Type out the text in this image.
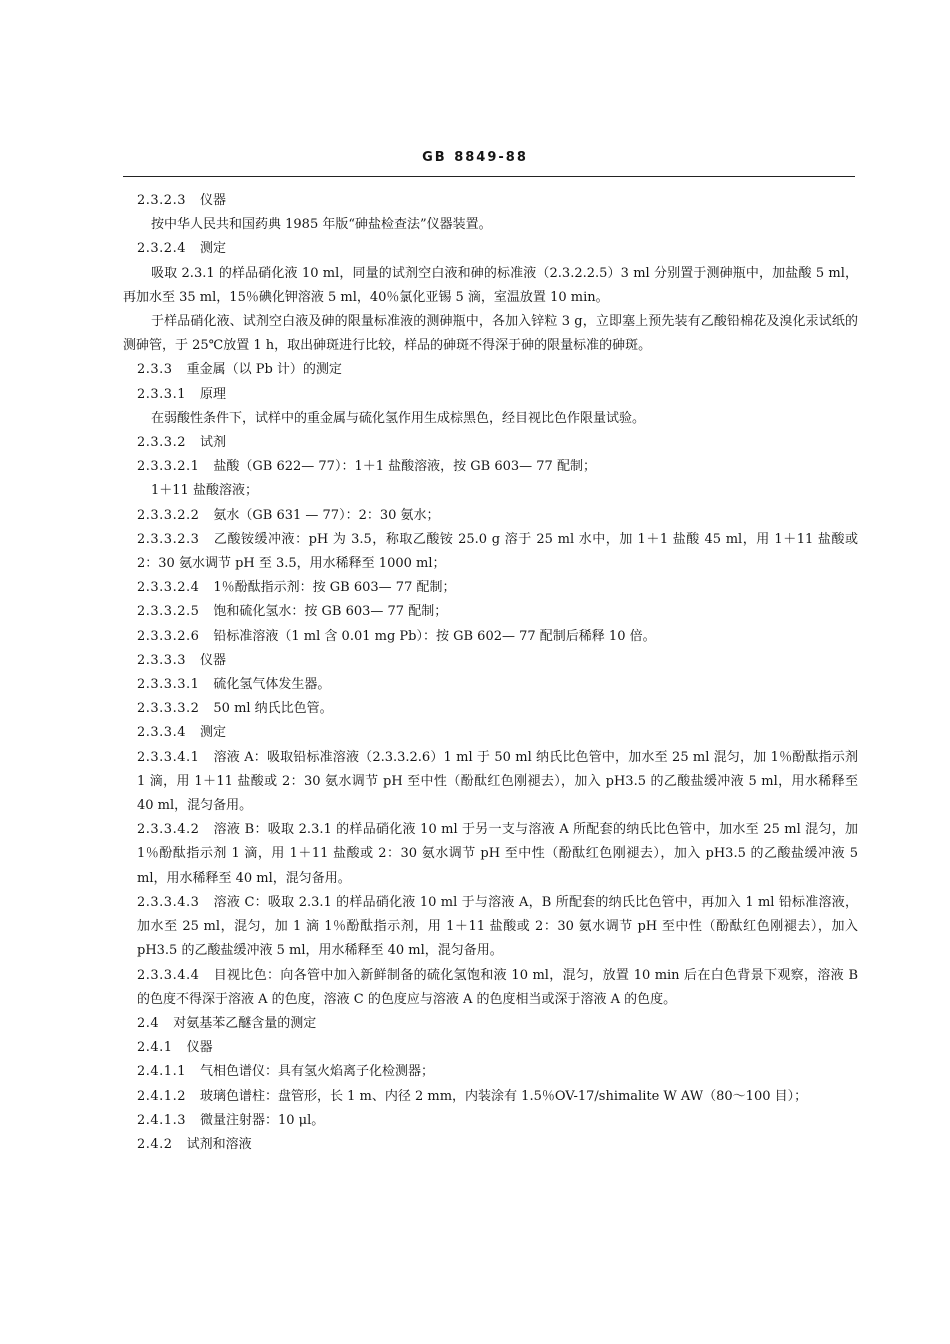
GB 8849-88

2.3.2.3 仪器

按中华人民共和国药典 1985 年版“砷盐检查法”仪器装置。

2.3.2.4 测定

吸取 2.3.1 的样品硝化液 10 ml，同量的试剂空白液和砷的标准液（2.3.2.2.5）3 ml 分别置于测砷瓶中，加盐酸 5 ml，再加水至 35 ml，15％碘化钾溶液 5 ml，40％氯化亚锡 5 滴，室温放置 10 min。

于样品硝化液、试剂空白液及砷的限量标准液的测砷瓶中，各加入锌粒 3 g，立即塞上预先装有乙酸铅棉花及溴化汞试纸的测砷管，于 25℃放置 1 h，取出砷斑进行比较，样品的砷斑不得深于砷的限量标准的砷斑。

2.3.3 重金属（以 Pb 计）的测定

2.3.3.1 原理

在弱酸性条件下，试样中的重金属与硫化氢作用生成棕黑色，经目视比色作限量试验。

2.3.3.2 试剂

2.3.3.2.1 盐酸（GB 622— 77）：1＋1 盐酸溶液，按 GB 603— 77 配制；

1＋11 盐酸溶液；

2.3.3.2.2 氨水（GB 631 — 77）：2：30 氨水；

2.3.3.2.3 乙酸铵缓冲液：pH 为 3.5，称取乙酸铵 25.0 g 溶于 25 ml 水中，加 1＋1 盐酸 45 ml，用 1＋11 盐酸或 2：30 氨水调节 pH 至 3.5，用水稀释至 1000 ml；

2.3.3.2.4 1％酚酞指示剂：按 GB 603— 77 配制；

2.3.3.2.5 饱和硫化氢水：按 GB 603— 77 配制；

2.3.3.2.6 铅标准溶液（1 ml 含 0.01 mg Pb）：按 GB 602— 77 配制后稀释 10 倍。

2.3.3.3 仪器

2.3.3.3.1 硫化氢气体发生器。

2.3.3.3.2 50 ml 纳氏比色管。

2.3.3.4 测定

2.3.3.4.1 溶液 A：吸取铅标准溶液（2.3.3.2.6）1 ml 于 50 ml 纳氏比色管中，加水至 25 ml 混匀，加 1％酚酞指示剂 1 滴，用 1＋11 盐酸或 2：30 氨水调节 pH 至中性（酚酞红色刚褪去），加入 pH3.5 的乙酸盐缓冲液 5 ml，用水稀释至 40 ml，混匀备用。

2.3.3.4.2 溶液 B：吸取 2.3.1 的样品硝化液 10 ml 于另一支与溶液 A 所配套的纳氏比色管中，加水至 25 ml 混匀，加 1％酚酞指示剂 1 滴，用 1＋11 盐酸或 2：30 氨水调节 pH 至中性（酚酞红色刚褪去），加入 pH3.5 的乙酸盐缓冲液 5 ml，用水稀释至 40 ml，混匀备用。

2.3.3.4.3 溶液 C：吸取 2.3.1 的样品硝化液 10 ml 于与溶液 A，B 所配套的纳氏比色管中，再加入 1 ml 铅标准溶液，加水至 25 ml，混匀，加 1 滴 1％酚酞指示剂，用 1＋11 盐酸或 2：30 氨水调节 pH 至中性（酚酞红色刚褪去），加入 pH3.5 的乙酸盐缓冲液 5 ml，用水稀释至 40 ml，混匀备用。

2.3.3.4.4 目视比色：向各管中加入新鲜制备的硫化氢饱和液 10 ml，混匀，放置 10 min 后在白色背景下观察，溶液 B 的色度不得深于溶液 A 的色度，溶液 C 的色度应与溶液 A 的色度相当或深于溶液 A 的色度。

2.4 对氨基苯乙醚含量的测定

2.4.1 仪器

2.4.1.1 气相色谱仪：具有氢火焰离子化检测器；

2.4.1.2 玻璃色谱柱：盘管形，长 1 m、内径 2 mm，内装涂有 1.5％OV-17/shimalite W AW（80～100 目）；

2.4.1.3 微量注射器：10 μl。

2.4.2 试剂和溶液
